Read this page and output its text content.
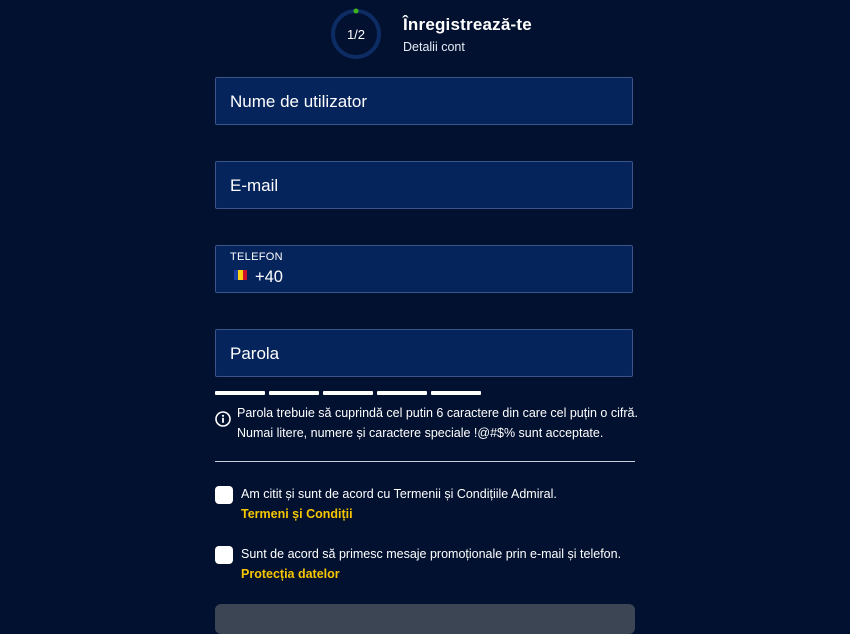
1/2	Înregistrează-te
Detalii cont
Nume de utilizator
E-mail
TELEFON
+40
Parola
Parola trebuie să cuprindă cel putin 6 caractere din care cel puțin o cifră.
Numai litere, numere și caractere speciale !@#$% sunt acceptate.
Am citit și sunt de acord cu Termenii și Condițiile Admiral.
Termeni și Condiții
Sunt de acord să primesc mesaje promoționale prin e-mail și telefon.
Protecția datelor
